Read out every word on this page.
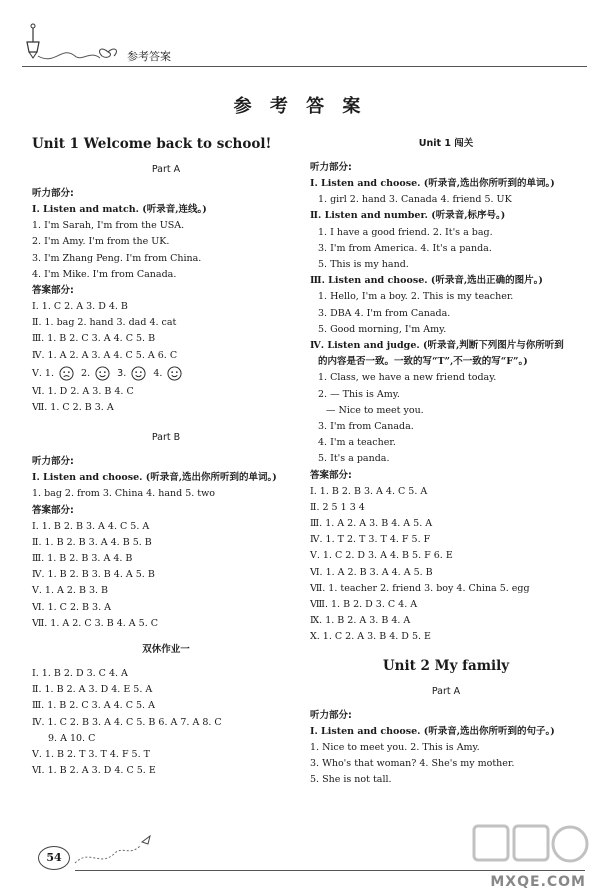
参考答案
参 考 答 案
Unit 1 Welcome back to school!
Part A
听力部分:
Ⅰ. Listen and match. (听录音,连线。)
1. I'm Sarah, I'm from the USA.
2. I'm Amy. I'm from the UK.
3. I'm Zhang Peng. I'm from China.
4. I'm Mike. I'm from Canada.
答案部分:
Ⅰ. 1. C 2. A 3. D 4. B
Ⅱ. 1. bag 2. hand 3. dad 4. cat
Ⅲ. 1. B 2. C 3. A 4. C 5. B
Ⅳ. 1. A 2. A 3. A 4. C 5. A 6. C
Ⅴ. 1.	2.	3.	4.
Ⅵ. 1. D 2. A 3. B 4. C
Ⅶ. 1. C 2. B 3. A
Part B
听力部分:
Ⅰ. Listen and choose. (听录音,选出你所听到的单词。)
1. bag 2. from 3. China 4. hand 5. two
答案部分:
Ⅰ. 1. B 2. B 3. A 4. C 5. A
Ⅱ. 1. B 2. B 3. A 4. B 5. B
Ⅲ. 1. B 2. B 3. A 4. B
Ⅳ. 1. B 2. B 3. B 4. A 5. B
Ⅴ. 1. A 2. B 3. B
Ⅵ. 1. C 2. B 3. A
Ⅶ. 1. A 2. C 3. B 4. A 5. C
双休作业一
Ⅰ. 1. B 2. D 3. C 4. A
Ⅱ. 1. B 2. A 3. D 4. E 5. A
Ⅲ. 1. B 2. C 3. A 4. C 5. A
Ⅳ. 1. C 2. B 3. A 4. C 5. B 6. A 7. A 8. C
9. A 10. C
Ⅴ. 1. B 2. T 3. T 4. F 5. T
Ⅵ. 1. B 2. A 3. D 4. C 5. E
Unit 1 闯关
听力部分:
Ⅰ. Listen and choose. (听录音,选出你所听到的单词。)
1. girl 2. hand 3. Canada 4. friend 5. UK
Ⅱ. Listen and number. (听录音,标序号。)
1. I have a good friend. 2. It's a bag.
3. I'm from America. 4. It's a panda.
5. This is my hand.
Ⅲ. Listen and choose. (听录音,选出正确的图片。)
1. Hello, I'm a boy. 2. This is my teacher.
3. DBA 4. I'm from Canada.
5. Good morning, I'm Amy.
Ⅳ. Listen and judge. (听录音,判断下列图片与你所听到
的内容是否一致。一致的写“T”,不一致的写“F”。)
1. Class, we have a new friend today.
2. — This is Amy.
— Nice to meet you.
3. I'm from Canada.
4. I'm a teacher.
5. It's a panda.
答案部分:
Ⅰ. 1. B 2. B 3. A 4. C 5. A
Ⅱ. 2 5 1 3 4
Ⅲ. 1. A 2. A 3. B 4. A 5. A
Ⅳ. 1. T 2. T 3. T 4. F 5. F
Ⅴ. 1. C 2. D 3. A 4. B 5. F 6. E
Ⅵ. 1. A 2. B 3. A 4. A 5. B
Ⅶ. 1. teacher 2. friend 3. boy 4. China 5. egg
Ⅷ. 1. B 2. D 3. C 4. A
Ⅸ. 1. B 2. A 3. B 4. A
Ⅹ. 1. C 2. A 3. B 4. D 5. E
Unit 2 My family
Part A
听力部分:
Ⅰ. Listen and choose. (听录音,选出你所听到的句子。)
1. Nice to meet you. 2. This is Amy.
3. Who's that woman? 4. She's my mother.
5. She is not tall.
54
MXQE.COM
